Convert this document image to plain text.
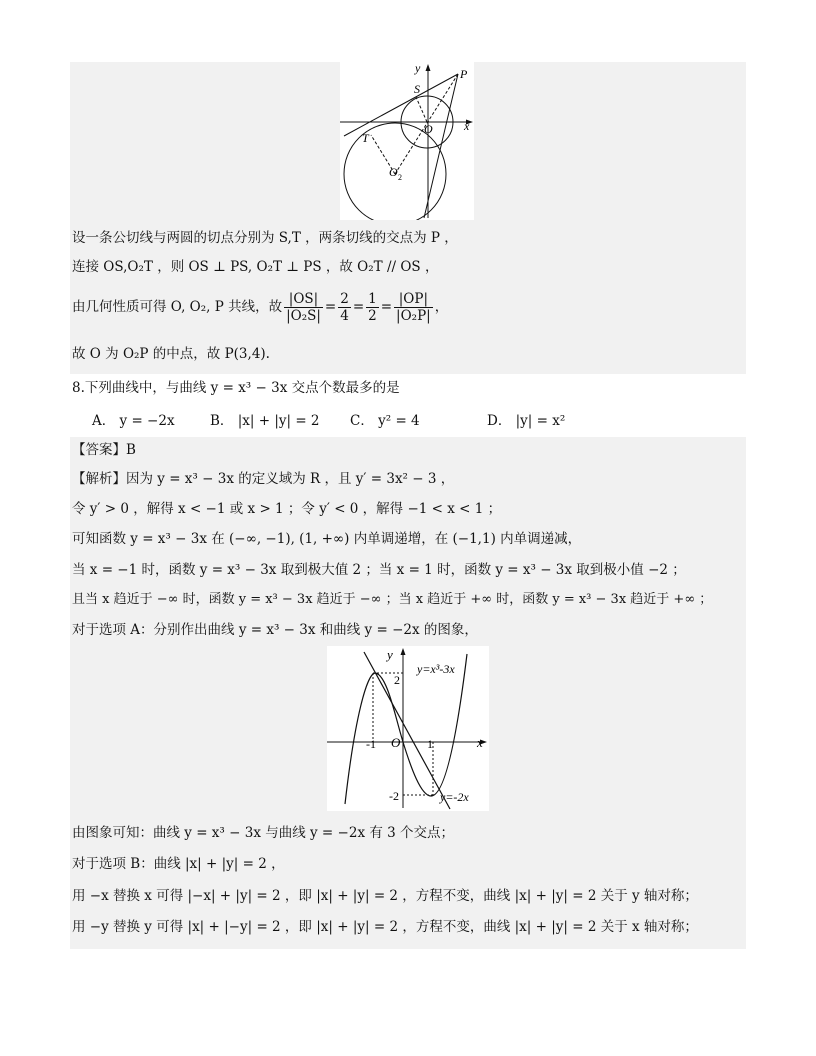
y
x
P
S
O
T
O 2
设一条公切线与两圆的切点分别为 S,T ，两条切线的交点为 P ，
连接 OS,O₂T ，则 OS ⊥ PS, O₂T ⊥ PS ，故 O₂T // OS ，
由几何性质可得 O, O₂, P 共线，故 $\frac{|OS|}{\text{|O₂S|}} = \frac{2}{4} = \frac{1}{2} = \frac{|OP|}{\text{|O₂P|}}$ ，
故 O 为 O₂P 的中点，故 P(3,4).
8.下列曲线中，与曲线 y = x³ − 3x 交点个数最多的是
A． y = −2x	B． |x| + |y| = 2 C． y² = 4	D． |y| = x²
【答案】B
【解析】因为 y = x³ − 3x 的定义域为 R ，且 y′ = 3x² − 3 ，
令 y′ > 0 ，解得 x < −1 或 x > 1 ；令 y′ < 0 ，解得 −1 < x < 1 ；
可知函数 y = x³ − 3x 在 (−∞, −1), (1, +∞) 内单调递增，在 (−1,1) 内单调递减，
当 x = −1 时，函数 y = x³ − 3x 取到极大值 2 ；当 x = 1 时，函数 y = x³ − 3x 取到极小值 −2 ；
且当 x 趋近于 −∞ 时，函数 y = x³ − 3x 趋近于 −∞ ；当 x 趋近于 +∞ 时，函数 y = x³ − 3x 趋近于 +∞ ；
对于选项 A：分别作出曲线 y = x³ − 3x 和曲线 y = −2x 的图象，
y
x
O
-1	1
2
-2
y=x³-3x
y=-2x
由图象可知：曲线 y = x³ − 3x 与曲线 y = −2x 有 3 个交点；
对于选项 B：曲线 |x| + |y| = 2 ，
用 −x 替换 x 可得 |−x| + |y| = 2 ，即 |x| + |y| = 2 ，方程不变，曲线 |x| + |y| = 2 关于 y 轴对称；
用 −y 替换 y 可得 |x| + |−y| = 2 ，即 |x| + |y| = 2 ，方程不变，曲线 |x| + |y| = 2 关于 x 轴对称；
